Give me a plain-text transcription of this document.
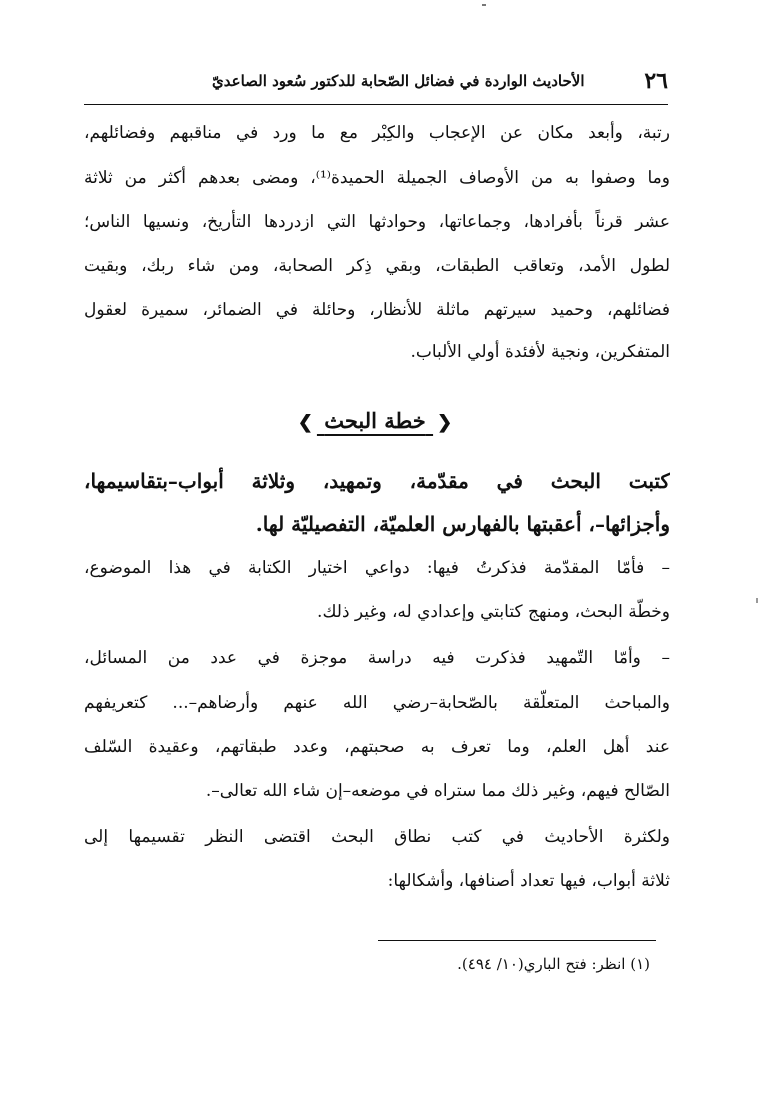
٢٦
الأحاديث الواردة في فضائل الصّحابة للدكتور سُعود الصاعديّ
رتبة، وأبعد مكان عن الإعجاب والكِبْر مع ما ورد في مناقبهم وفضائلهم،
وما وصفوا به من الأوصاف الجميلة الحميدة⁽¹⁾، ومضى بعدهم أكثر من ثلاثة
عشر قرناً بأفرادها، وجماعاتها، وحوادثها التي ازدردها التأريخ، ونسيها الناس؛
لطول الأمد، وتعاقب الطبقات، وبقي ذِكر الصحابة، ومن شاء ربك، وبقيت
فضائلهم، وحميد سيرتهم ماثلة للأنظار، وحائلة في الضمائر، سميرة لعقول
المتفكرين، ونجية لأفئدة أولي الألباب.
❮ خطة البحث ❯
كتبت البحث في مقدّمة، وتمهيد، وثلاثة أبواب–بتقاسيمها،
وأجزائها–، أعقبتها بالفهارس العلميّة، التفصيليّة لها.
– فأمّا المقدّمة فذكرتُ فيها: دواعي اختيار الكتابة في هذا الموضوع،
وخطّة البحث، ومنهج كتابتي وإعدادي له، وغير ذلك.
– وأمّا التّمهيد فذكرت فيه دراسة موجزة في عدد من المسائل،
والمباحث المتعلّقة بالصّحابة–رضي الله عنهم وأرضاهم–... كتعريفهم
عند أهل العلم، وما تعرف به صحبتهم، وعدد طبقاتهم، وعقيدة السّلف
الصّالح فيهم، وغير ذلك مما ستراه في موضعه–إن شاء الله تعالى–.
ولكثرة الأحاديث في كتب نطاق البحث اقتضى النظر تقسيمها إلى
ثلاثة أبواب، فيها تعداد أصنافها، وأشكالها:
(١) انظر: فتح الباري(١٠/ ٤٩٤).
